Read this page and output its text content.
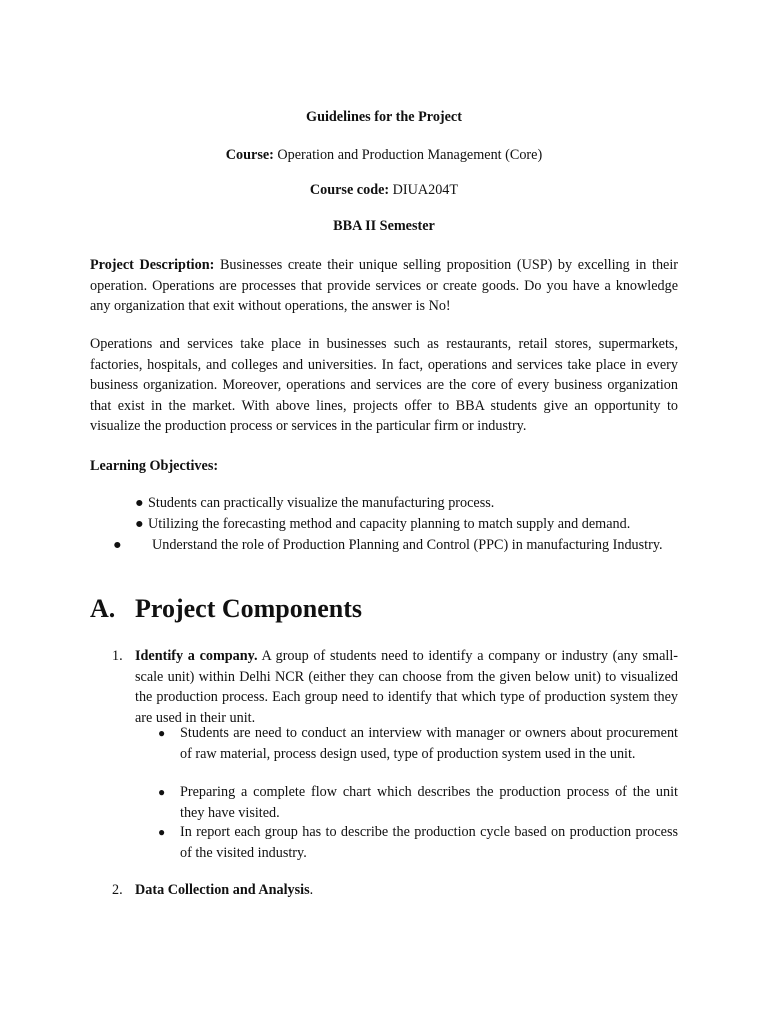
Guidelines for the Project
Course: Operation and Production Management (Core)
Course code: DIUA204T
BBA II Semester
Project Description: Businesses create their unique selling proposition (USP) by excelling in their operation. Operations are processes that provide services or create goods. Do you have a knowledge any organization that exit without operations, the answer is No!
Operations and services take place in businesses such as restaurants, retail stores, supermarkets, factories, hospitals, and colleges and universities. In fact, operations and services take place in every business organization. Moreover, operations and services are the core of every business organization that exist in the market. With above lines, projects offer to BBA students give an opportunity to visualize the production process or services in the particular firm or industry.
Learning Objectives:
● Students can practically visualize the manufacturing process.
● Utilizing the forecasting method and capacity planning to match supply and demand.
● Understand the role of Production Planning and Control (PPC) in manufacturing Industry.
A. Project Components
1. Identify a company. A group of students need to identify a company or industry (any small-scale unit) within Delhi NCR (either they can choose from the given below unit) to visualized the production process. Each group need to identify that which type of production system they are used in their unit.
● Students are need to conduct an interview with manager or owners about procurement of raw material, process design used, type of production system used in the unit.
● Preparing a complete flow chart which describes the production process of the unit they have visited.
● In report each group has to describe the production cycle based on production process of the visited industry.
2. Data Collection and Analysis.
